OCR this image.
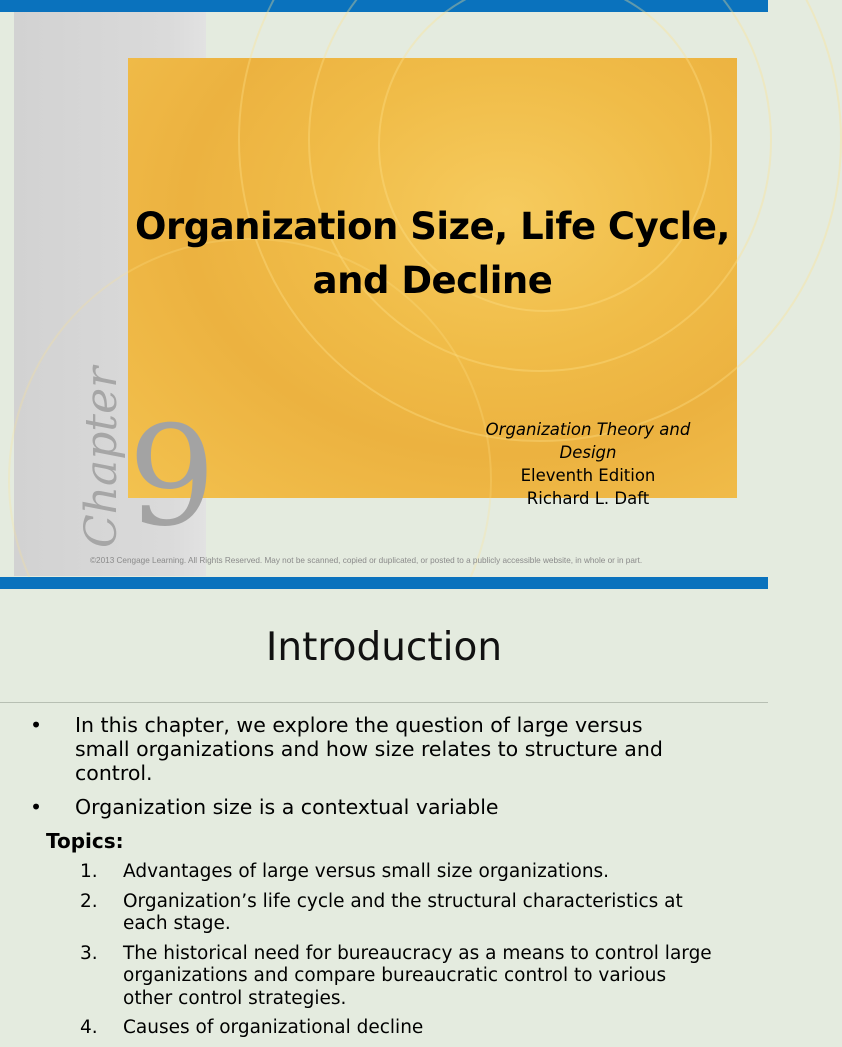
Organization Size, Life Cycle,
and Decline
Organization Theory and Design
Eleventh Edition
Richard L. Daft
Chapter 9
©2013 Cengage Learning. All Rights Reserved. May not be scanned, copied or duplicated, or posted to a publicly accessible website, in whole or in part.
Introduction
•	In this chapter, we explore the question of large versus
small organizations and how size relates to structure and
control.
•	Organization size is a contextual variable
Topics:
1. Advantages of large versus small size organizations.
2. Organization’s life cycle and the structural characteristics at
each stage.
3. The historical need for bureaucracy as a means to control large
organizations and compare bureaucratic control to various
other control strategies.
4. Causes of organizational decline
